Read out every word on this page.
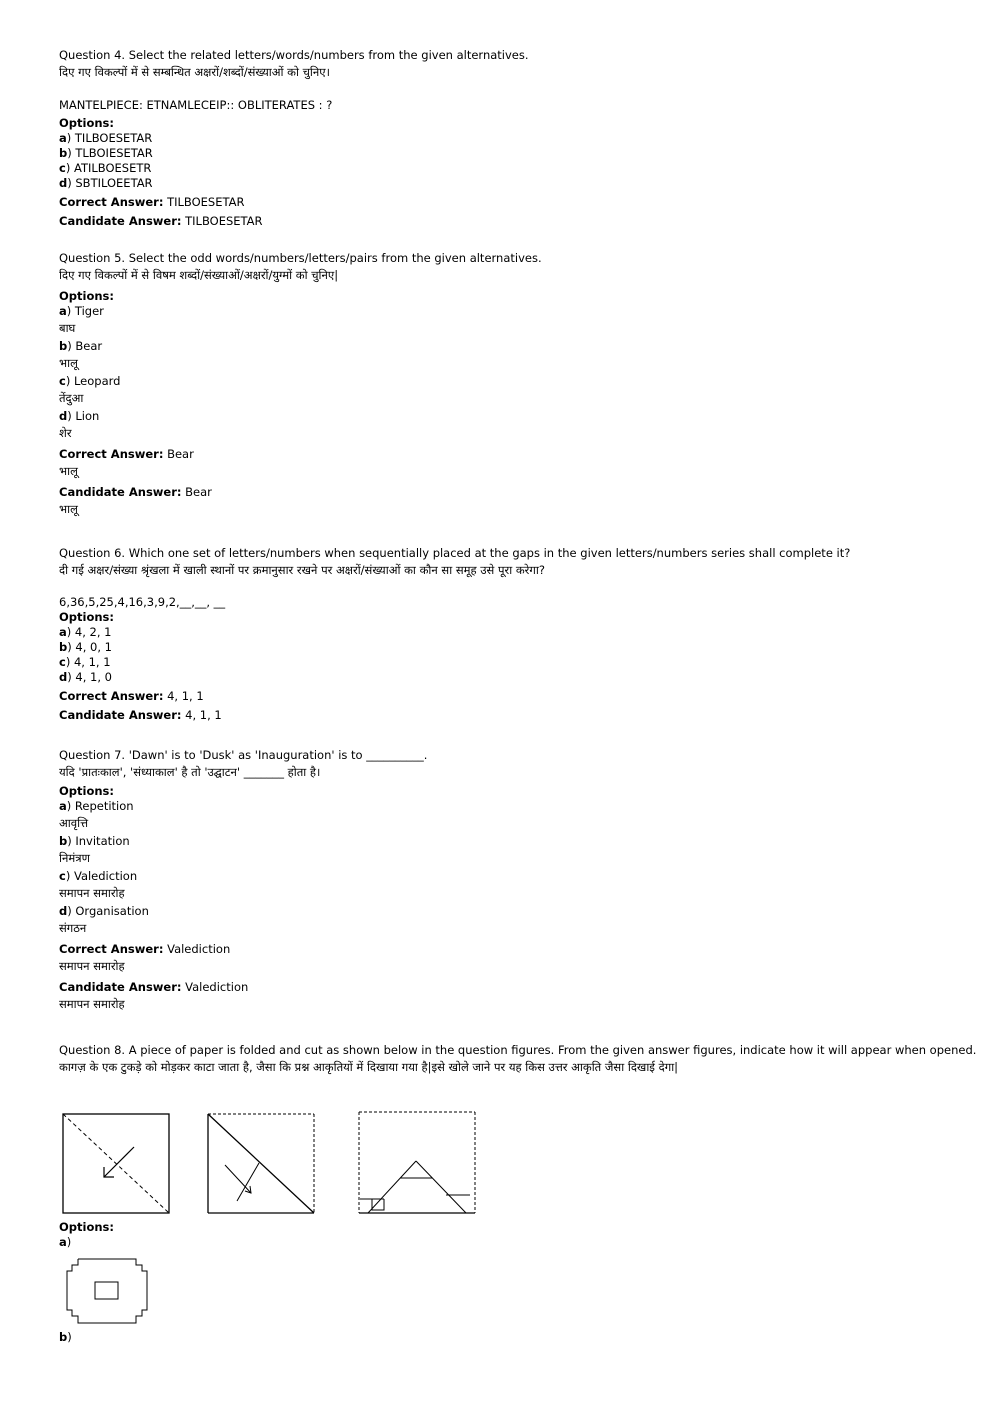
Question 4. Select the related letters/words/numbers from the given alternatives.
दिए गए विकल्पों में से सम्बन्धित अक्षरों/शब्दों/संख्याओं को चुनिए।
MANTELPIECE: ETNAMLECEIP:: OBLITERATES : ?
Options:
a) TILBOESETAR
b) TLBOIESETAR
c) ATILBOESETR
d) SBTILOEETAR
Correct Answer: TILBOESETAR
Candidate Answer: TILBOESETAR
Question 5. Select the odd words/numbers/letters/pairs from the given alternatives.
दिए गए विकल्पों में से विषम शब्दों/संख्याओं/अक्षरों/युग्मों को चुनिए|
Options:
a) Tiger
बाघ
b) Bear
भालू
c) Leopard
तेंदुआ
d) Lion
शेर
Correct Answer: Bear
भालू
Candidate Answer: Bear
भालू
Question 6. Which one set of letters/numbers when sequentially placed at the gaps in the given letters/numbers series shall complete it?
दी गई अक्षर/संख्या श्रृंखला में खाली स्थानों पर क्रमानुसार रखने पर अक्षरों/संख्याओं का कौन सा समूह उसे पूरा करेगा?
6,36,5,25,4,16,3,9,2,__,__, __
Options:
a) 4, 2, 1
b) 4, 0, 1
c) 4, 1, 1
d) 4, 1, 0
Correct Answer: 4, 1, 1
Candidate Answer: 4, 1, 1
Question 7. 'Dawn' is to 'Dusk' as 'Inauguration' is to __________.
यदि 'प्रातःकाल', 'संध्याकाल' है तो 'उद्घाटन' _______ होता है।
Options:
a) Repetition
आवृत्ति
b) Invitation
निमंत्रण
c) Valediction
समापन समारोह
d) Organisation
संगठन
Correct Answer: Valediction
समापन समारोह
Candidate Answer: Valediction
समापन समारोह
Question 8. A piece of paper is folded and cut as shown below in the question figures. From the given answer figures, indicate how it will appear when opened.
कागज़ के एक टुकड़े को मोड़कर काटा जाता है, जैसा कि प्रश्न आकृतियों में दिखाया गया है|इसे खोले जाने पर यह किस उत्तर आकृति जैसा दिखाई देगा|
Options:
a)
b)
